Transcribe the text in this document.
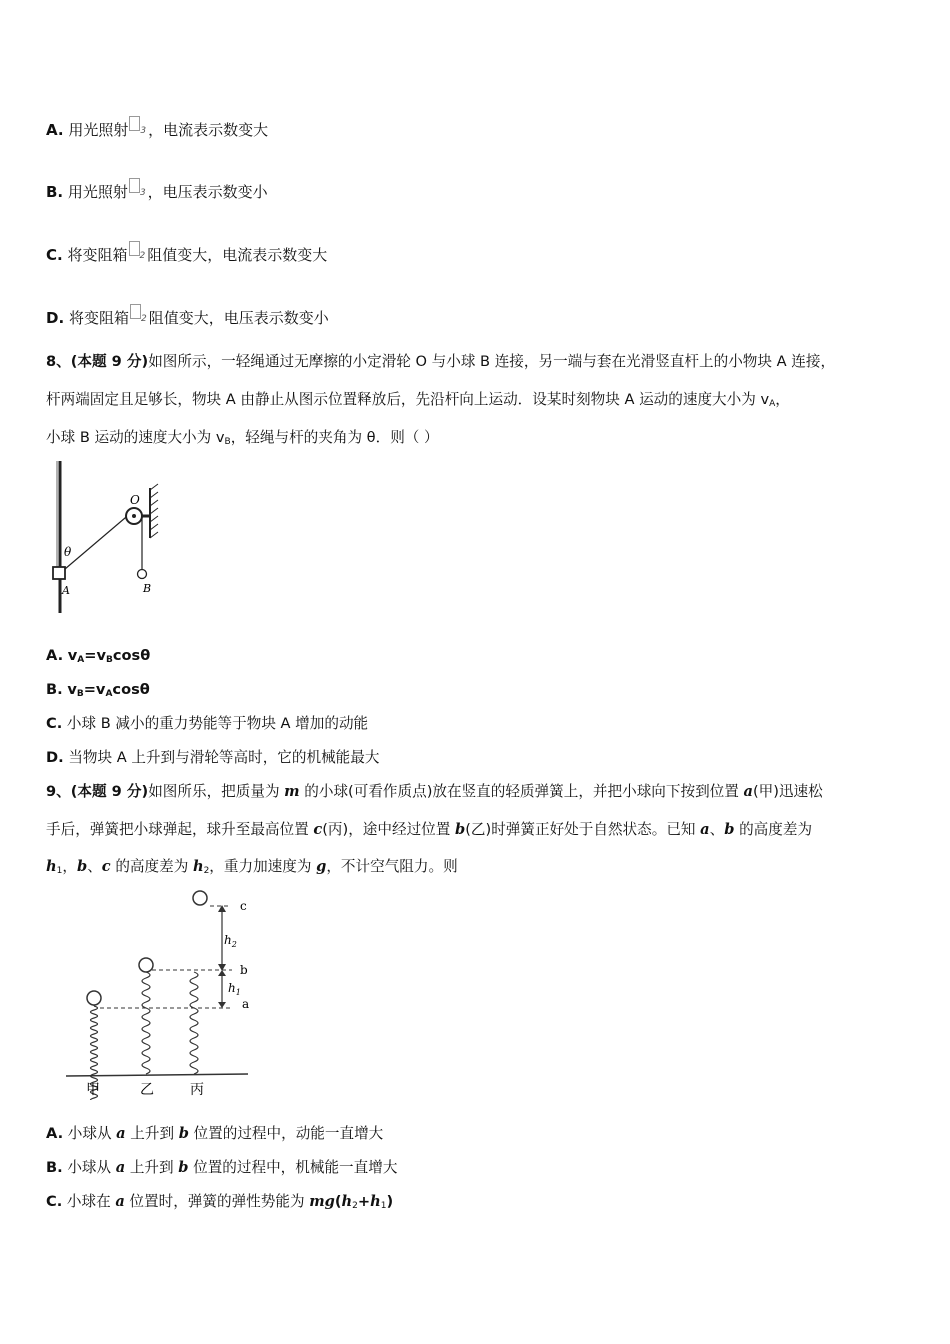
A. 用光照射 3 ，电流表示数变大
B. 用光照射 3 ，电压表示数变小
C. 将变阻箱 2 阻值变大，电流表示数变大
D. 将变阻箱 2 阻值变大，电压表示数变小
8、(本题 9 分)如图所示，一轻绳通过无摩擦的小定滑轮 O 与小球 B 连接，另一端与套在光滑竖直杆上的小物块 A 连接，
杆两端固定且足够长，物块 A 由静止从图示位置释放后，先沿杆向上运动．设某时刻物块 A 运动的速度大小为 $v_A$，
小球 B 运动的速度大小为 $v_B$，轻绳与杆的夹角为 θ．则（ ）
θ
O
A	B
A. $v_A=v_B\cos\theta$
B. $v_B=v_A\cos\theta$
C. 小球 B 减小的重力势能等于物块 A 增加的动能
D. 当物块 A 上升到与滑轮等高时，它的机械能最大
9、(本题 9 分)如图所乐，把质量为 m 的小球(可看作质点)放在竖直的轻质弹簧上，并把小球向下按到位置 a(甲)迅速松
手后，弹簧把小球弹起，球升至最高位置 c(丙)，途中经过位置 b(乙)时弹簧正好处于自然状态。已知 a、b 的高度差为
$h_1$，b、c 的高度差为 $h_2$，重力加速度为 g，不计空气阻力。则
c
b
a
$h_2$
$h_1$
甲	乙	丙
A. 小球从 a 上升到 b 位置的过程中，动能一直增大
B. 小球从 a 上升到 b 位置的过程中，机械能一直增大
C. 小球在 a 位置时，弹簧的弹性势能为 $mg(h_2+h_1)$
